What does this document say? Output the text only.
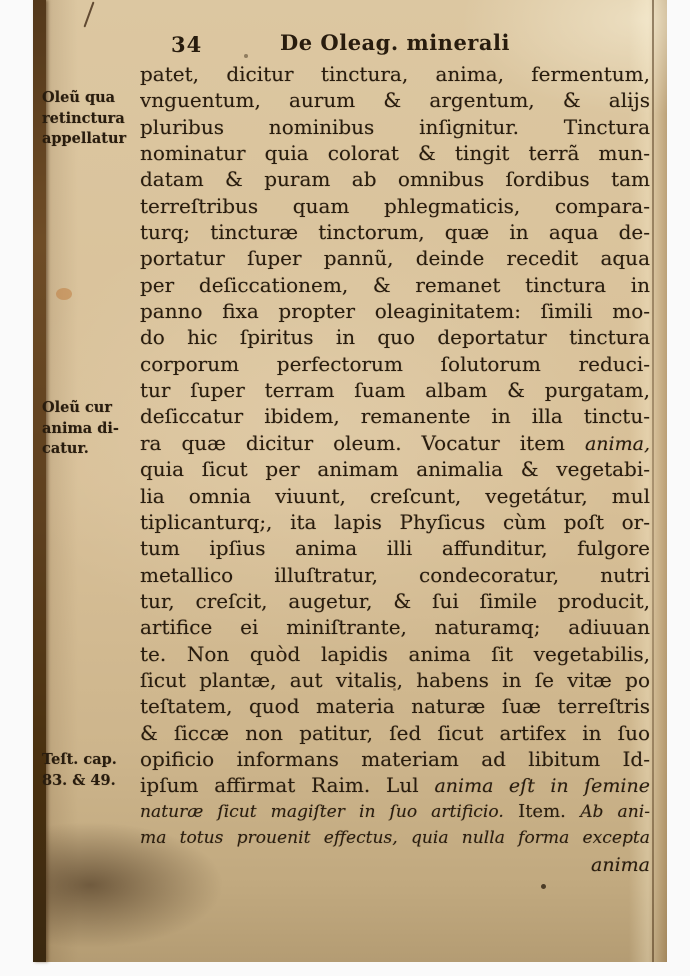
34	De Oleag. minerali
Oleũ qua
retinctura
appellatur
Oleũ cur
anima di-
catur.
Teſt. cap.
83. & 49.
patet, dicitur tinctura, anima, fermentum,
vnguentum, aurum & argentum, & alijs
pluribus nominibus inſignitur. Tinctura
nominatur quia colorat & tingit terrã mun-
datam & puram ab omnibus ſordibus tam
terreſtribus quam phlegmaticis, compara-
turq; tincturæ tinctorum, quæ in aqua de-
portatur ſuper pannũ, deinde recedit aqua
per deſiccationem, & remanet tinctura in
panno fixa propter oleaginitatem: ſimili mo-
do hic ſpiritus in quo deportatur tinctura
corporum perfectorum ſolutorum reduci-
tur ſuper terram ſuam albam & purgatam,
deſiccatur ibidem, remanente in illa tinctu-
ra quæ dicitur oleum. Vocatur item anima,
quia ſicut per animam animalia & vegetabi-
lia omnia viuunt, creſcunt, vegetátur, mul
tiplicanturq;, ita lapis Phyſicus cùm poſt or-
tum ipſius anima illi affunditur, fulgore
metallico illuſtratur, condecoratur, nutri
tur, creſcit, augetur, & ſui ſimile producit,
artifice ei miniſtrante, naturamq; adiuuan
te. Non quòd lapidis anima ſit vegetabilis,
ſicut plantæ, aut vitalis, habens in ſe vitæ po
teſtatem, quod materia naturæ ſuæ terreſtris
& ſiccæ non patitur, ſed ſicut artifex in ſuo
opificio informans materiam ad libitum Id-
ipſum affirmat Raim. Lul anima eſt in ſemine
naturæ ſicut magiſter in ſuo artificio. Item. Ab ani-
ma totus prouenit effectus, quia nulla forma excepta
anima
